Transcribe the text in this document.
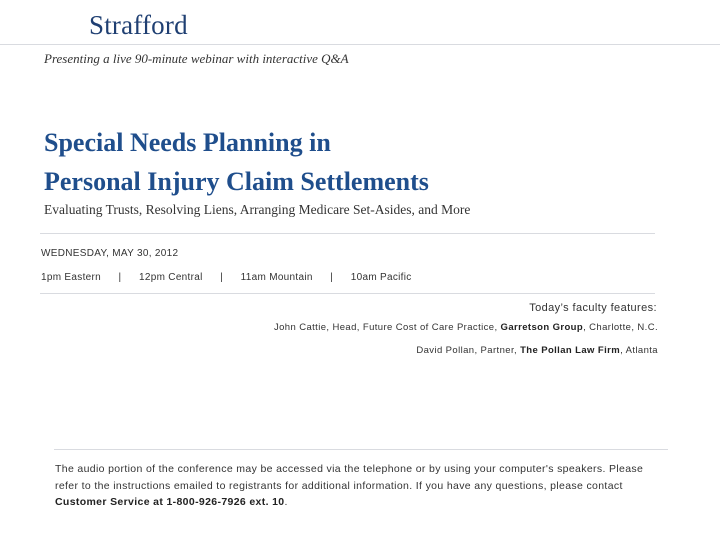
Strafford
Presenting a live 90-minute webinar with interactive Q&A
Special Needs Planning in
Personal Injury Claim Settlements
Evaluating Trusts, Resolving Liens, Arranging Medicare Set-Asides, and More
WEDNESDAY, MAY 30, 2012
1pm Eastern | 12pm Central | 11am Mountain | 10am Pacific
Today’s faculty features:
John Cattie, Head, Future Cost of Care Practice, Garretson Group, Charlotte, N.C.
David Pollan, Partner, The Pollan Law Firm, Atlanta
The audio portion of the conference may be accessed via the telephone or by using your computer's speakers. Please refer to the instructions emailed to registrants for additional information. If you have any questions, please contact Customer Service at 1-800-926-7926 ext. 10.
